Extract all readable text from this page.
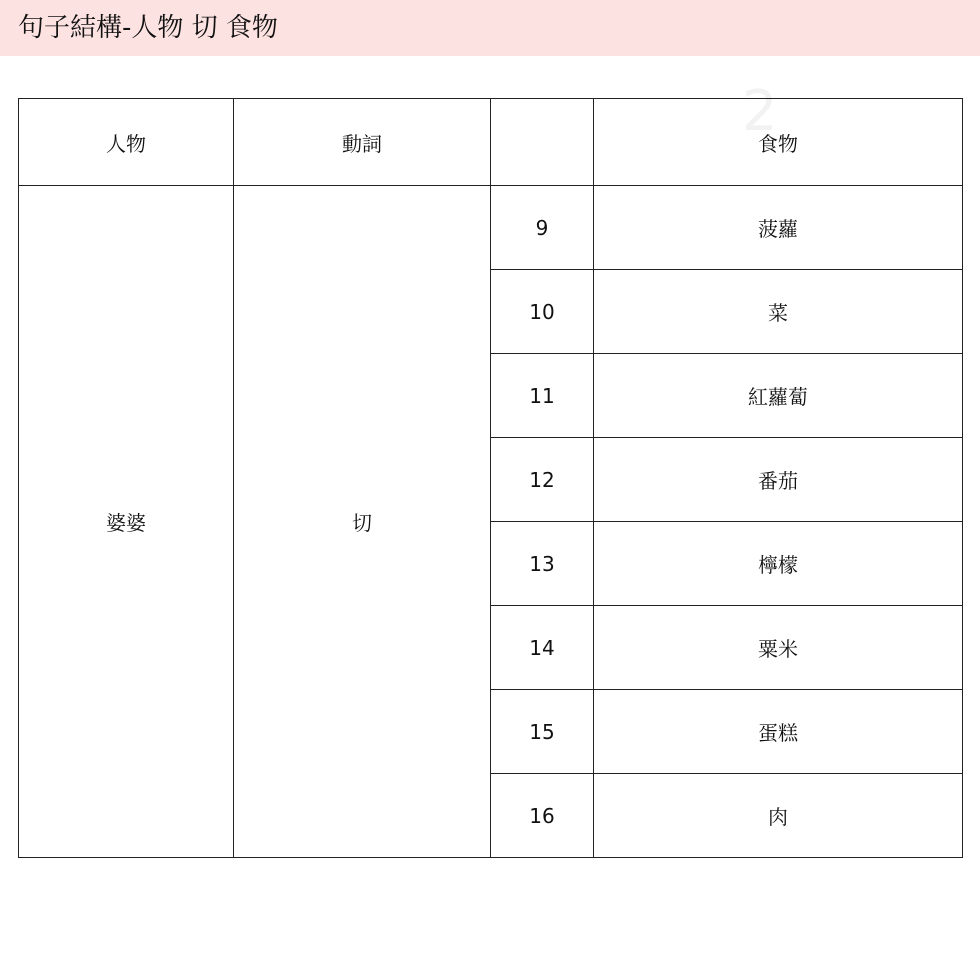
句子結構-人物 切 食物
2
人物	動詞		食物
婆婆	切	9	菠蘿
		10	菜
		11	紅蘿蔔
		12	番茄
		13	檸檬
		14	粟米
		15	蛋糕
		16	肉
